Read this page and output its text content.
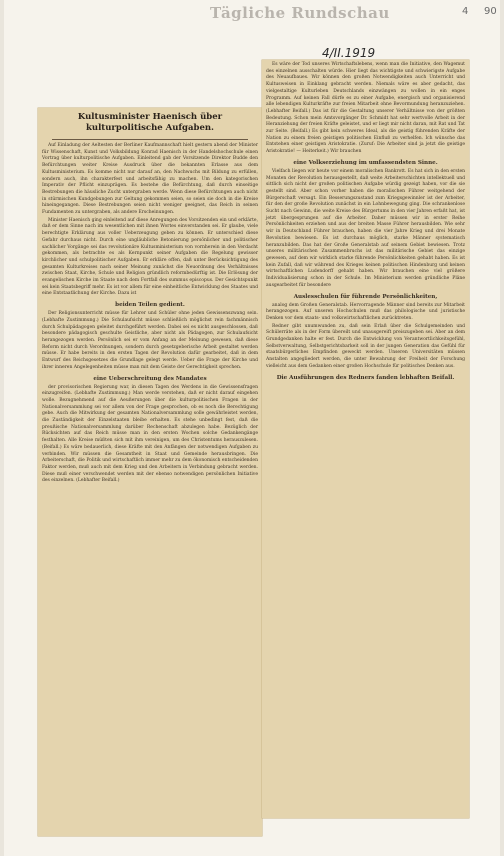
Tägliche Rundschau	4 90
4/II.1919
Kultusminister Haenisch über kulturpolitische Aufgaben.

Auf Einladung der Aeltesten der Berliner Kaufmannschaft hielt gestern abend der Minister für Wissenschaft, Kunst und Volksbildung Konrad Haenisch in der Handelshochschule einen Vortrag über kulturpolitische Aufgaben. Einleitend gab der Vorsitzende Direktor Budde den Befürchtungen weiter Kreise Ausdruck über die bekannten Erlasse aus dem Kultusministerium. Es komme nicht nur darauf an, den Nachwuchs mit Bildung zu erfüllen, sondern auch, ihn charakterfest und arbeitsfähig zu machen. Um den kategorischen Imperativ der Pflicht einzuprägen. Es bestehe die Befürchtung, daß durch einseitige Bestrebungen die häusliche Zucht untergraben werde. Wenn diese Befürchtungen auch nicht in stürmischen Kundgebungen zur Geltung gekommen seien, so seien sie doch in die Kreise hineingegangen. Diese Bestrebungen seien nicht weniger geeignet, das Reich in seinen Fundamenten zu untergraben, als andere Erscheinungen.

Minister Haenisch ging einleitend auf diese Anregungen des Vorsitzenden ein und erklärte, daß er dem Sinne nach im wesentlichen mit ihnen Wortes einverstanden sei. Er glaube, viele berechtigte Erklärung aus voller Ueberzeugung geben zu können. Er unterschied diese Gefahr durchaus nicht. Durch eine ungläubliche Betonierung persönlicher und politischer sachlicher Vorgänge sei das revolutionäre Kultusministerium von vornherein in den Verdacht gekommen, als betrachte es als Kernpunkt seiner Aufgaben die Regelung gewisser kirchlicher und schulpolitischer Aufgaben. Er erkläre offen, daß unter Berücksichtigung des gesamten Kulturkreises nach seiner Meinung zunächst die Neuordnung des Verhältnisses zwischen Staat, Kirche, Schule und Religion gründlich reformbedürftig ist. Die Erlösung der evangelischen Kirche im Staate nach dem Fortfall des summus episcopus. Der Gesichtspunkt sei kein Staatsbegriff mehr. Es ist vor allem für eine einheitliche Entwicklung des Staates und eine Entstaatlichung der Kirche. Dazu ist

beiden Teilen gedient.

Der Religionsunterricht müsse für Lehrer und Schüler ohne jeden Gewissenszwang sein. (Lebhafte Zustimmung.) Die Schulaufsicht müsse schließlich möglichst rein fachmännisch durch Schulpädagogen geleitet durchgeführt werden. Dabei sei es nicht ausgeschlossen, daß besondere pädagogisch geschulte Geistliche, aber nicht als Pädagogen, zur Schulaufsicht herangezogen werden. Persönlich sei er vom Anfang an der Meinung gewesen, daß diese Reform nicht durch Verordnungen, sondern durch gesetzgeberische Arbeit gestaltet werden müsse. Er habe bereits in den ersten Tagen der Revolution dafür gearbeitet, daß in dem Entwurf des Reichsgesetzes die Grundlage gelegt werde. Ueber die Frage der Kirche und ihrer inneren Angelegenheiten müsse man mit dem Geiste der Gerechtigkeit sprechen.

eine Ueberschreitung des Mandates

der provisorischen Regierung war, in diesen Tagen des Werdens in die Gewissensfragen einzugreifen. (Lebhafte Zustimmung.) Man werde verstehen, daß er nicht darauf eingehen wolle. Bezugnehmend auf die Aeußerungen über die kulturpolitischen Fragen in der Nationalversammlung sei vor allem von der Frage gesprochen, ob es noch die Berechtigung gebe. Auch die Mitwirkung der gesamten Nationalversammlung solle gewährleistet werden, die Zuständigkeit der Einzelstaaten bleibe erhalten. Es stehe unbedingt fest, daß die preußische Nationalversammlung darüber Rechenschaft abzulegen habe. Bezüglich der Rücksichten auf das Reich müsse man in den ersten Wochen solche Gedankengänge festhalten. Alle Kreise müßten sich mit ihm vereinigen, um des Christentums herauszulesen. (Beifall.) Es wäre bedauerlich, diese Kräfte mit den Anfängen der notwendigen Aufgaben zu verbinden. Wir müssen die Gesamtheit in Staat und Gemeinde herausbringen. Die Arbeiterschaft, die Politik und wirtschaftlich immer mehr zu dem ökonomisch entscheidenden Faktor werden, muß auch mit dem Krieg und den Arbeitern in Verbindung gebracht werden. Diese muß einer verschwendet werden mit der ebenso notwendigen persönlichen Initiative des einzelnen. (Lebhafter Beifall.)

Es wäre der Tod unseres Wirtschaftslebens, wenn man die Initiative, den Wagemut des einzelnen ausschalten würde. Hier liegt das wichtigste und schwierigste Aufgabe des Neuaufbaues. Wir können den großen Notwendigkeiten auch Unterricht und Kultusweisen in Einklang gebracht werden. Niemals wäre es aber gedacht, das vielgestaltige Kulturleben Deutschlands einzwängen zu wollen in ein enges Programm. Auf keinen Fall dürfe es zu einer Aufgabe, energisch und organisierend alle lebendigen Kulturkräfte zur freien Mitarbeit ohne Bevormundung heranzuziehen. (Lebhafter Beifall.) Das ist für die Gestaltung unserer Verhältnisse von der größten Bedeutung. Schon mein Amtsvorgänger Dr. Schmidt hat sehr wertvolle Arbeit in der Heranziehung der freien Kräfte geleistet, und er liegt mir nicht daran, mit Rat und Tat zur Seite. (Beifall.) Es gibt kein schweres Ideal, als die geistig führenden Kräfte der Nation zu einem freien geistigen politischen Einfluß zu verhelfen. Ich wünsche das Entstehen einer geistigen Aristokratie. (Zuruf: Die Arbeiter sind ja jetzt die geistige Aristokratie! — Heiterkeit.) Wir brauchen

eine Volkserziehung im umfassendsten Sinne.

Vielfach liegen wir heute vor einem moralischen Bankrott. Es hat sich in den ersten Monaten der Revolution herausgestellt, daß weite Arbeiterschichten intellektuell und sittlich sich nicht der großen politischen Aufgabe würdig gezeigt haben, vor die sie gestellt sind. Aber schon vorher haben die moralischen Führer weitgehend der Bürgerschaft versagt. Ein Besserungszustand zum Kriegsgewinnler ist der Arbeiter, für den der große Revolution zunächst in ein Lohnbewegung ging. Die schrankenlose Sucht nach Gewinn, die weite Kreise des Bürgertums in den vier Jahren erfaßt hat, ist jetzt übergesprungen auf die Arbeiter. Daher müssen wir in erster Reihe Persönlichkeiten erziehen und aus der breiten Masse Führer herausbilden. Wie sehr wir in Deutschland Führer brauchen, haben die vier Jahre Krieg und drei Monate Revolution bewiesen. Es ist durchaus möglich, starke Männer systematisch heranzubilden. Das hat der Große Generalstab auf seinem Gebiet bewiesen. Trotz unseres militärischen Zusammenbruchs ist das militärische Gebiet das einzige gewesen, auf dem wir wirklich starke führende Persönlichkeiten gehabt haben. Es ist kein Zufall, daß wir während des Krieges keinen politischen Hindenburg und keinen wirtschaftlichen Ludendorff gehabt haben. Wir brauchen eine viel größere Individualisierung schon in der Schule. Im Ministerium werden gründliche Pläne ausgearbeitet für besondere

Auslesschulen für führende Persönlichkeiten,

analog dem Großen Generalstab. Hervorragende Männer sind bereits zur Mitarbeit herangezogen. Auf unseren Hochschulen muß das philologische und juristische Denken vor dem staats- und volkswirtschaftlichen zurücktreten.

Redner gibt unumwunden zu, daß sein Erlaß über die Schulgemeinden und Schülerräte als in der Form übereilt und unausgereift preiszugeben sei. Aber an dem Grundgedanken halte er fest. Durch die Entwicklung von Verantwortlichkeitsgefühl, Selbstverwaltung, Selbstgerichtsbarkeit soll in der jungen Generation das Gefühl für staatsbürgerliches Empfinden geweckt werden. Unseren Universitäten müssen Anstalten angegliedert werden, die unter Bewahrung der Freiheit der Forschung vielleicht aus dem Gedanken einer großen Hochschule für politisches Denken aus.

Die Ausführungen des Redners fanden lebhaften Beifall.
